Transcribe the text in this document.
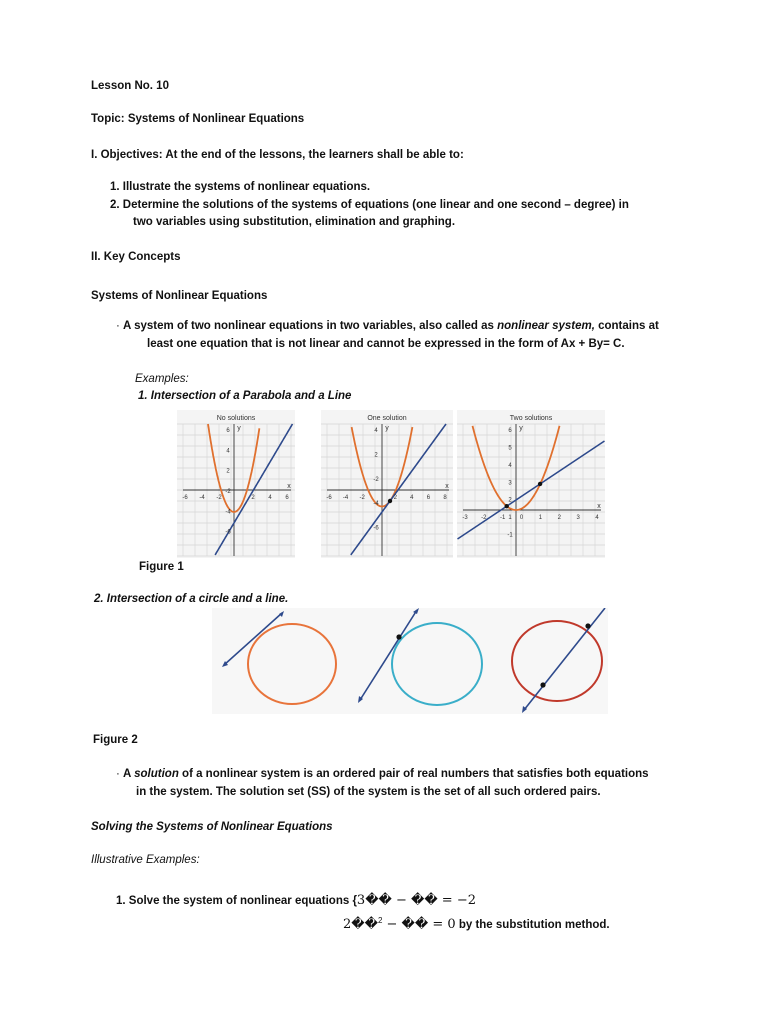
Lesson No. 10
Topic: Systems of Nonlinear Equations
I. Objectives: At the end of the lessons, the learners shall be able to:
1. Illustrate the systems of nonlinear equations.
2. Determine the solutions of the systems of equations (one linear and one second – degree) in
two variables using substitution, elimination and graphing.
II. Key Concepts
Systems of Nonlinear Equations
· A system of two nonlinear equations in two variables, also called as nonlinear system, contains at
least one equation that is not linear and cannot be expressed in the form of Ax + By= C.
Examples:
1. Intersection of a Parabola and a Line
No solutions
x
y
-6 -4 -2	2 4 6
6
4
2
-2
-4
-6
One solution
x
y
-6 -4 -2	2 4 6 8
4
2
-2
-4
-6
Two solutions
x
y
-3 -2 -1 0	1	2	3	4
6
5
4
3
2
1
-1
Figure 1
2. Intersection of a circle and a line.
Figure 2
· A solution of a nonlinear system is an ordered pair of real numbers that satisfies both equations
in the system. The solution set (SS) of the system is the set of all such ordered pairs.
Solving the Systems of Nonlinear Equations
Illustrative Examples:
1. Solve the system of nonlinear equations {3�� − �� = −2
2��$^2$ − �� = 0 by the substitution method.
